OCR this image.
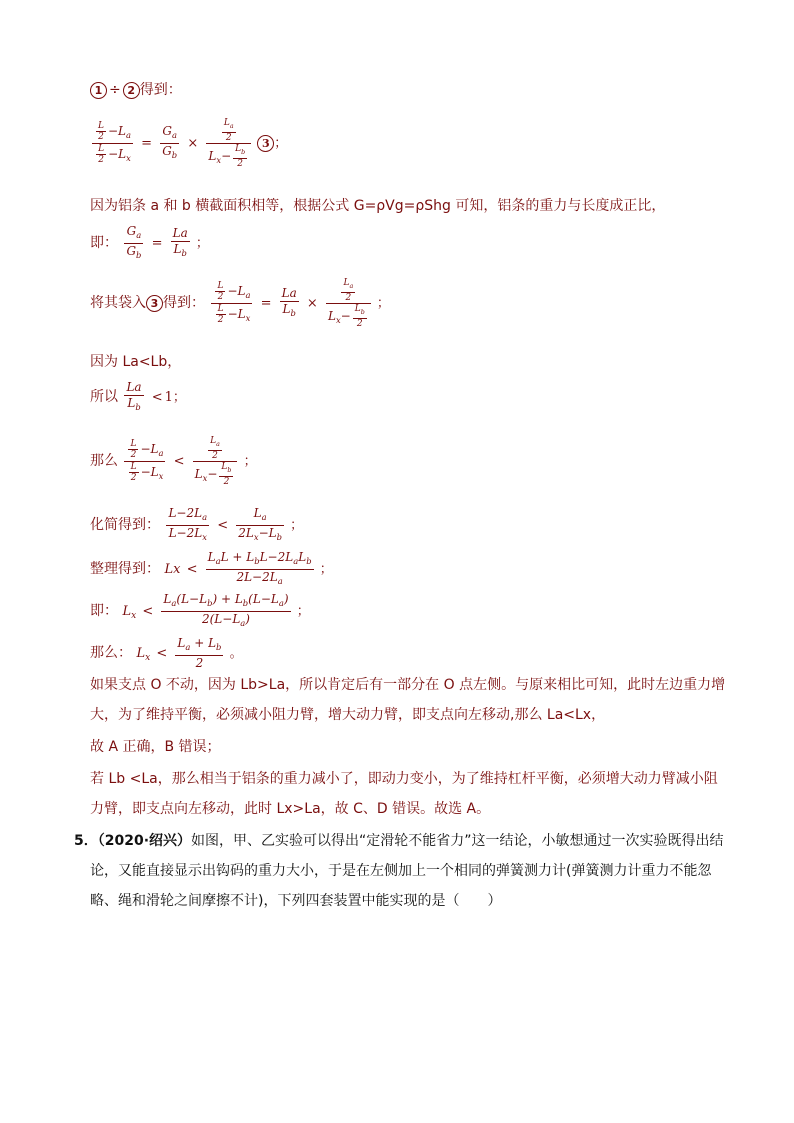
1 ÷ 2 得到：
$\frac{\frac{L}{2} -L_a}{\frac{L}{2} -L_x} = \frac{G_a}{G_b} \times \frac{\frac{L_a}{2}}{L_x- \frac{L_b}{2}} 3$ ；
因为铝条 a 和 b 横截面积相等，根据公式 G=ρVg=ρShg 可知，铝条的重力与长度成正比，
即： $\frac{G_a}{G_b} = \frac{La}{L_b}$ ；
将其袋入 3 得到： $\frac{\frac{L}{2} -L_a}{\frac{L}{2} -L_x} = \frac{La}{L_b} \times \frac{\frac{L_a}{2}}{L_x- \frac{L_b}{2}}$ ；
因为 La<Lb，
所以 $\frac{La}{L_b} < 1$；
那么 $\frac{\frac{L}{2} -L_a}{\frac{L}{2} -L_x} < \frac{\frac{L_a}{2}}{L_x- \frac{L_b}{2}}$ ；
化简得到： $\frac{L-2L_a}{L-2L_x} < \frac{L_a}{2L_x-L_b}$ ；
整理得到： $Lx < \frac{L_aL + L_bL-2L_aL_b}{2L-2L_a}$ ；
即： $L_x < \frac{L_a(L-L_b) + L_b(L-L_a)}{2(L-L_a)}$ ；
那么： $L_x < \frac{L_a + L_b}{2}$ 。
如果支点 O 不动，因为 Lb>La，所以肯定后有一部分在 O 点左侧。与原来相比可知，此时左边重力增
大，为了维持平衡，必须减小阻力臂，增大动力臂，即支点向左移动,那么 La<Lx，
故 A 正确，B 错误；
若 Lb <La，那么相当于铝条的重力减小了，即动力变小，为了维持杠杆平衡，必须增大动力臂减小阻
力臂，即支点向左移动，此时 Lx>La，故 C、D 错误。故选 A。
5．（2020·绍兴）如图，甲、乙实验可以得出“定滑轮不能省力”这一结论，小敏想通过一次实验既得出结
论，又能直接显示出钩码的重力大小，于是在左侧加上一个相同的弹簧测力计(弹簧测力计重力不能忽
略、绳和滑轮之间摩擦不计)，下列四套装置中能实现的是（　　）
